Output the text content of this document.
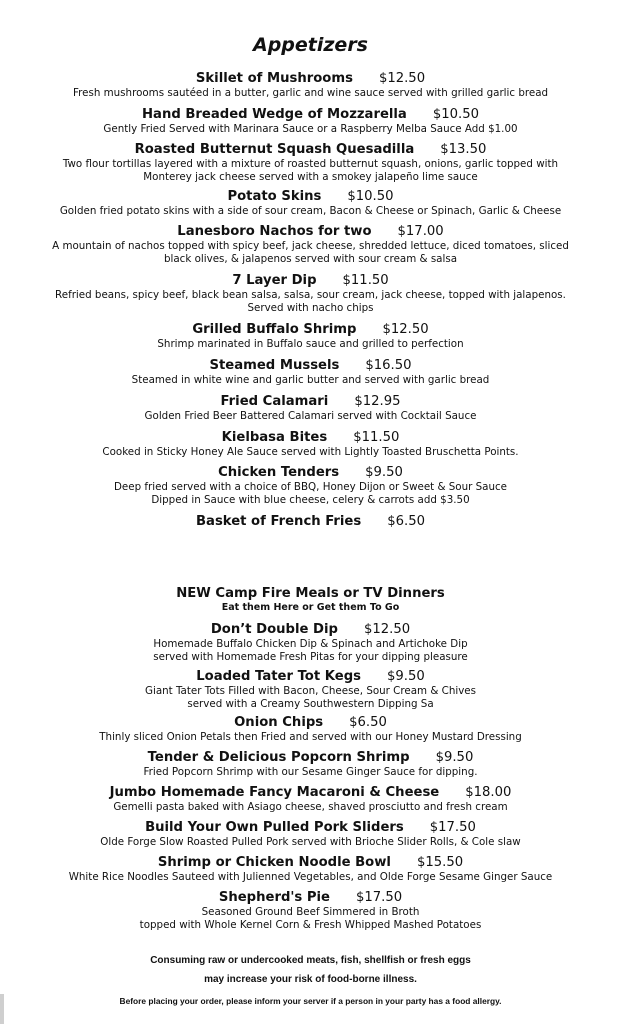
Appetizers
Skillet of Mushrooms $12.50
Fresh mushrooms sautéed in a butter, garlic and wine sauce served with grilled garlic bread
Hand Breaded Wedge of Mozzarella $10.50
Gently Fried Served with Marinara Sauce or a Raspberry Melba Sauce Add $1.00
Roasted Butternut Squash Quesadilla $13.50
Two flour tortillas layered with a mixture of roasted butternut squash, onions, garlic topped with
Monterey jack cheese served with a smokey jalapeño lime sauce
Potato Skins $10.50
Golden fried potato skins with a side of sour cream, Bacon & Cheese or Spinach, Garlic & Cheese
Lanesboro Nachos for two $17.00
A mountain of nachos topped with spicy beef, jack cheese, shredded lettuce, diced tomatoes, sliced
black olives, & jalapenos served with sour cream & salsa
7 Layer Dip $11.50
Refried beans, spicy beef, black bean salsa, salsa, sour cream, jack cheese, topped with jalapenos.
Served with nacho chips
Grilled Buffalo Shrimp $12.50
Shrimp marinated in Buffalo sauce and grilled to perfection
Steamed Mussels $16.50
Steamed in white wine and garlic butter and served with garlic bread
Fried Calamari $12.95
Golden Fried Beer Battered Calamari served with Cocktail Sauce
Kielbasa Bites $11.50
Cooked in Sticky Honey Ale Sauce served with Lightly Toasted Bruschetta Points.
Chicken Tenders $9.50
Deep fried served with a choice of BBQ, Honey Dijon or Sweet & Sour Sauce
Dipped in Sauce with blue cheese, celery & carrots add $3.50
Basket of French Fries $6.50
NEW Camp Fire Meals or TV Dinners
Eat them Here or Get them To Go
Don’t Double Dip $12.50
Homemade Buffalo Chicken Dip & Spinach and Artichoke Dip
served with Homemade Fresh Pitas for your dipping pleasure
Loaded Tater Tot Kegs $9.50
Giant Tater Tots Filled with Bacon, Cheese, Sour Cream & Chives
served with a Creamy Southwestern Dipping Sa
Onion Chips $6.50
Thinly sliced Onion Petals then Fried and served with our Honey Mustard Dressing
Tender & Delicious Popcorn Shrimp $9.50
Fried Popcorn Shrimp with our Sesame Ginger Sauce for dipping.
Jumbo Homemade Fancy Macaroni & Cheese $18.00
Gemelli pasta baked with Asiago cheese, shaved prosciutto and fresh cream
Build Your Own Pulled Pork Sliders $17.50
Olde Forge Slow Roasted Pulled Pork served with Brioche Slider Rolls, & Cole slaw
Shrimp or Chicken Noodle Bowl $15.50
White Rice Noodles Sauteed with Julienned Vegetables, and Olde Forge Sesame Ginger Sauce
Shepherd's Pie $17.50
Seasoned Ground Beef Simmered in Broth
topped with Whole Kernel Corn & Fresh Whipped Mashed Potatoes
Consuming raw or undercooked meats, fish, shellfish or fresh eggs
may increase your risk of food-borne illness.
Before placing your order, please inform your server if a person in your party has a food allergy.
